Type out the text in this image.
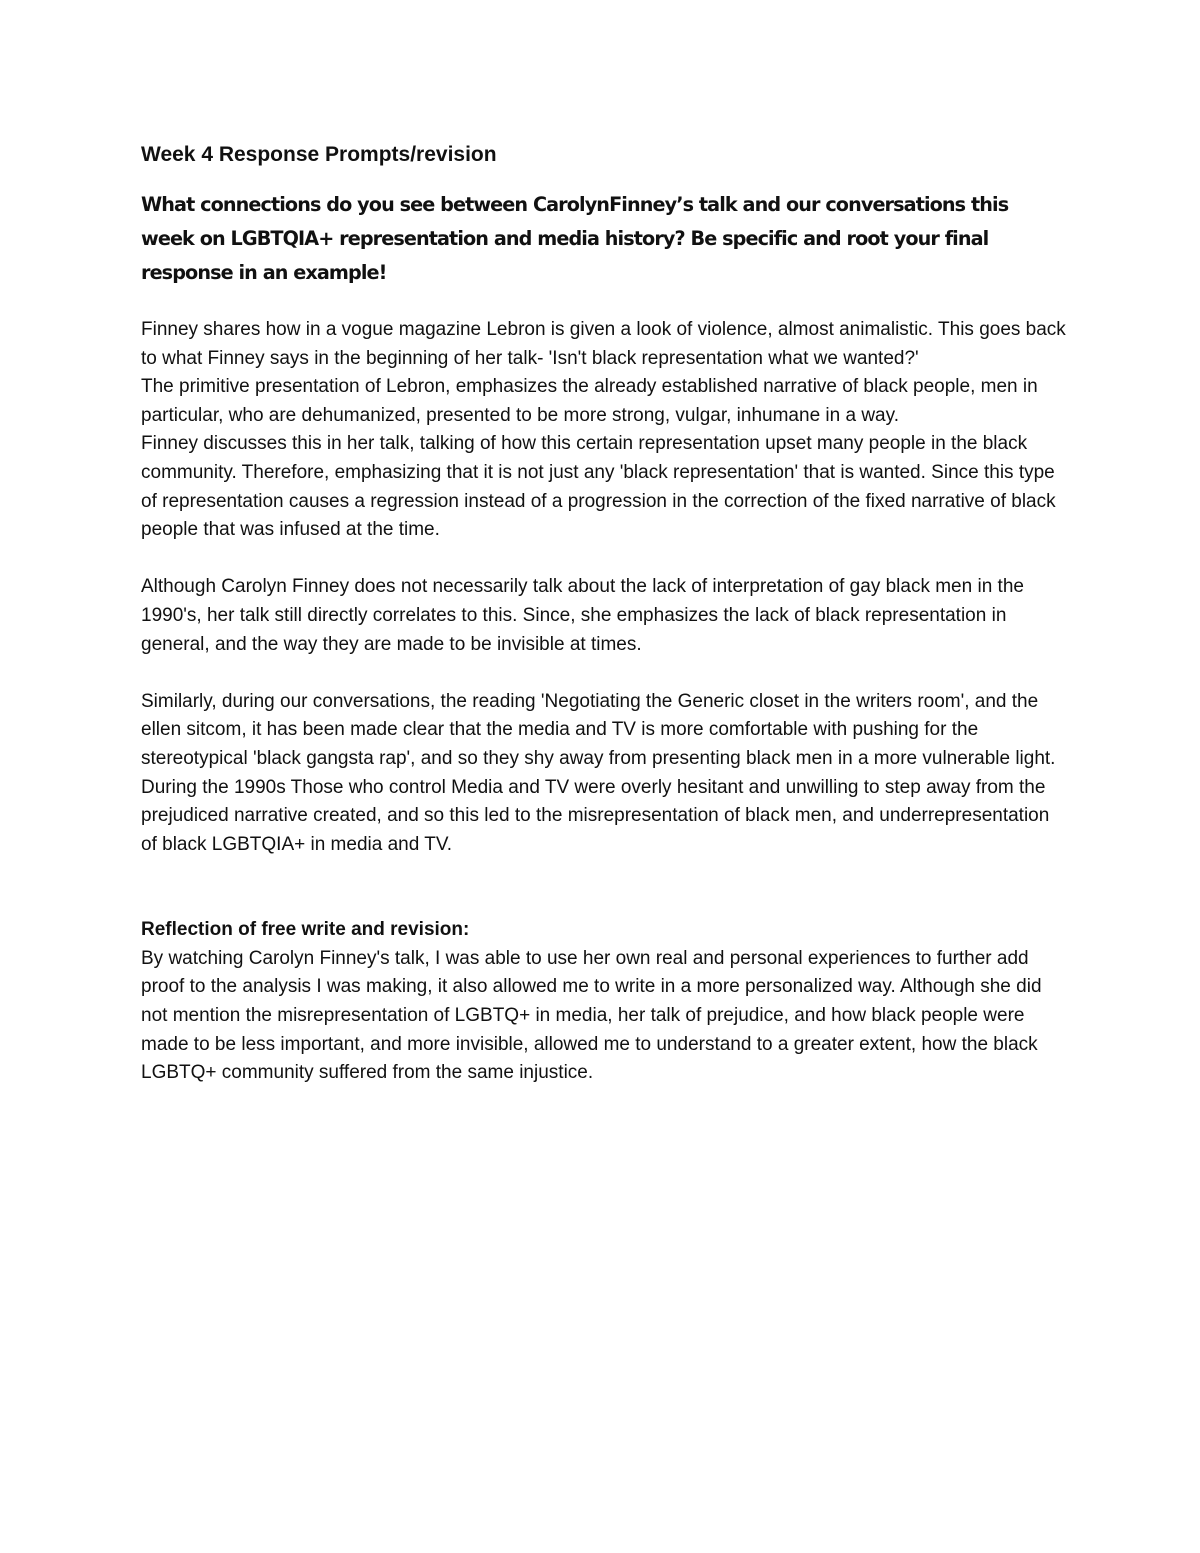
Week 4 Response Prompts/revision

What connections do you see between CarolynFinney’s talk and our conversations this week on LGBTQIA+ representation and media history? Be specific and root your final response in an example!

Finney shares how in a vogue magazine Lebron is given a look of violence, almost animalistic. This goes back to what Finney says in the beginning of her talk- 'Isn't black representation what we wanted?'

The primitive presentation of Lebron, emphasizes the already established narrative of black people, men in particular, who are dehumanized, presented to be more strong, vulgar, inhumane in a way.

Finney discusses this in her talk, talking of how this certain representation upset many people in the black community. Therefore, emphasizing that it is not just any 'black representation' that is wanted. Since this type of representation causes a regression instead of a progression in the correction of the fixed narrative of black people that was infused at the time.

Although Carolyn Finney does not necessarily talk about the lack of interpretation of gay black men in the 1990's, her talk still directly correlates to this. Since, she emphasizes the lack of black representation in general, and the way they are made to be invisible at times.

Similarly, during our conversations, the reading 'Negotiating the Generic closet in the writers room', and the ellen sitcom, it has been made clear that the media and TV is more comfortable with pushing for the stereotypical 'black gangsta rap', and so they shy away from presenting black men in a more vulnerable light.

During the 1990s Those who control Media and TV were overly hesitant and unwilling to step away from the prejudiced narrative created, and so this led to the misrepresentation of black men, and underrepresentation of black LGBTQIA+ in media and TV.

Reflection of free write and revision:

By watching Carolyn Finney's talk, I was able to use her own real and personal experiences to further add proof to the analysis I was making, it also allowed me to write in a more personalized way. Although she did not mention the misrepresentation of LGBTQ+ in media, her talk of prejudice, and how black people were made to be less important, and more invisible, allowed me to understand to a greater extent, how the black LGBTQ+ community suffered from the same injustice.
